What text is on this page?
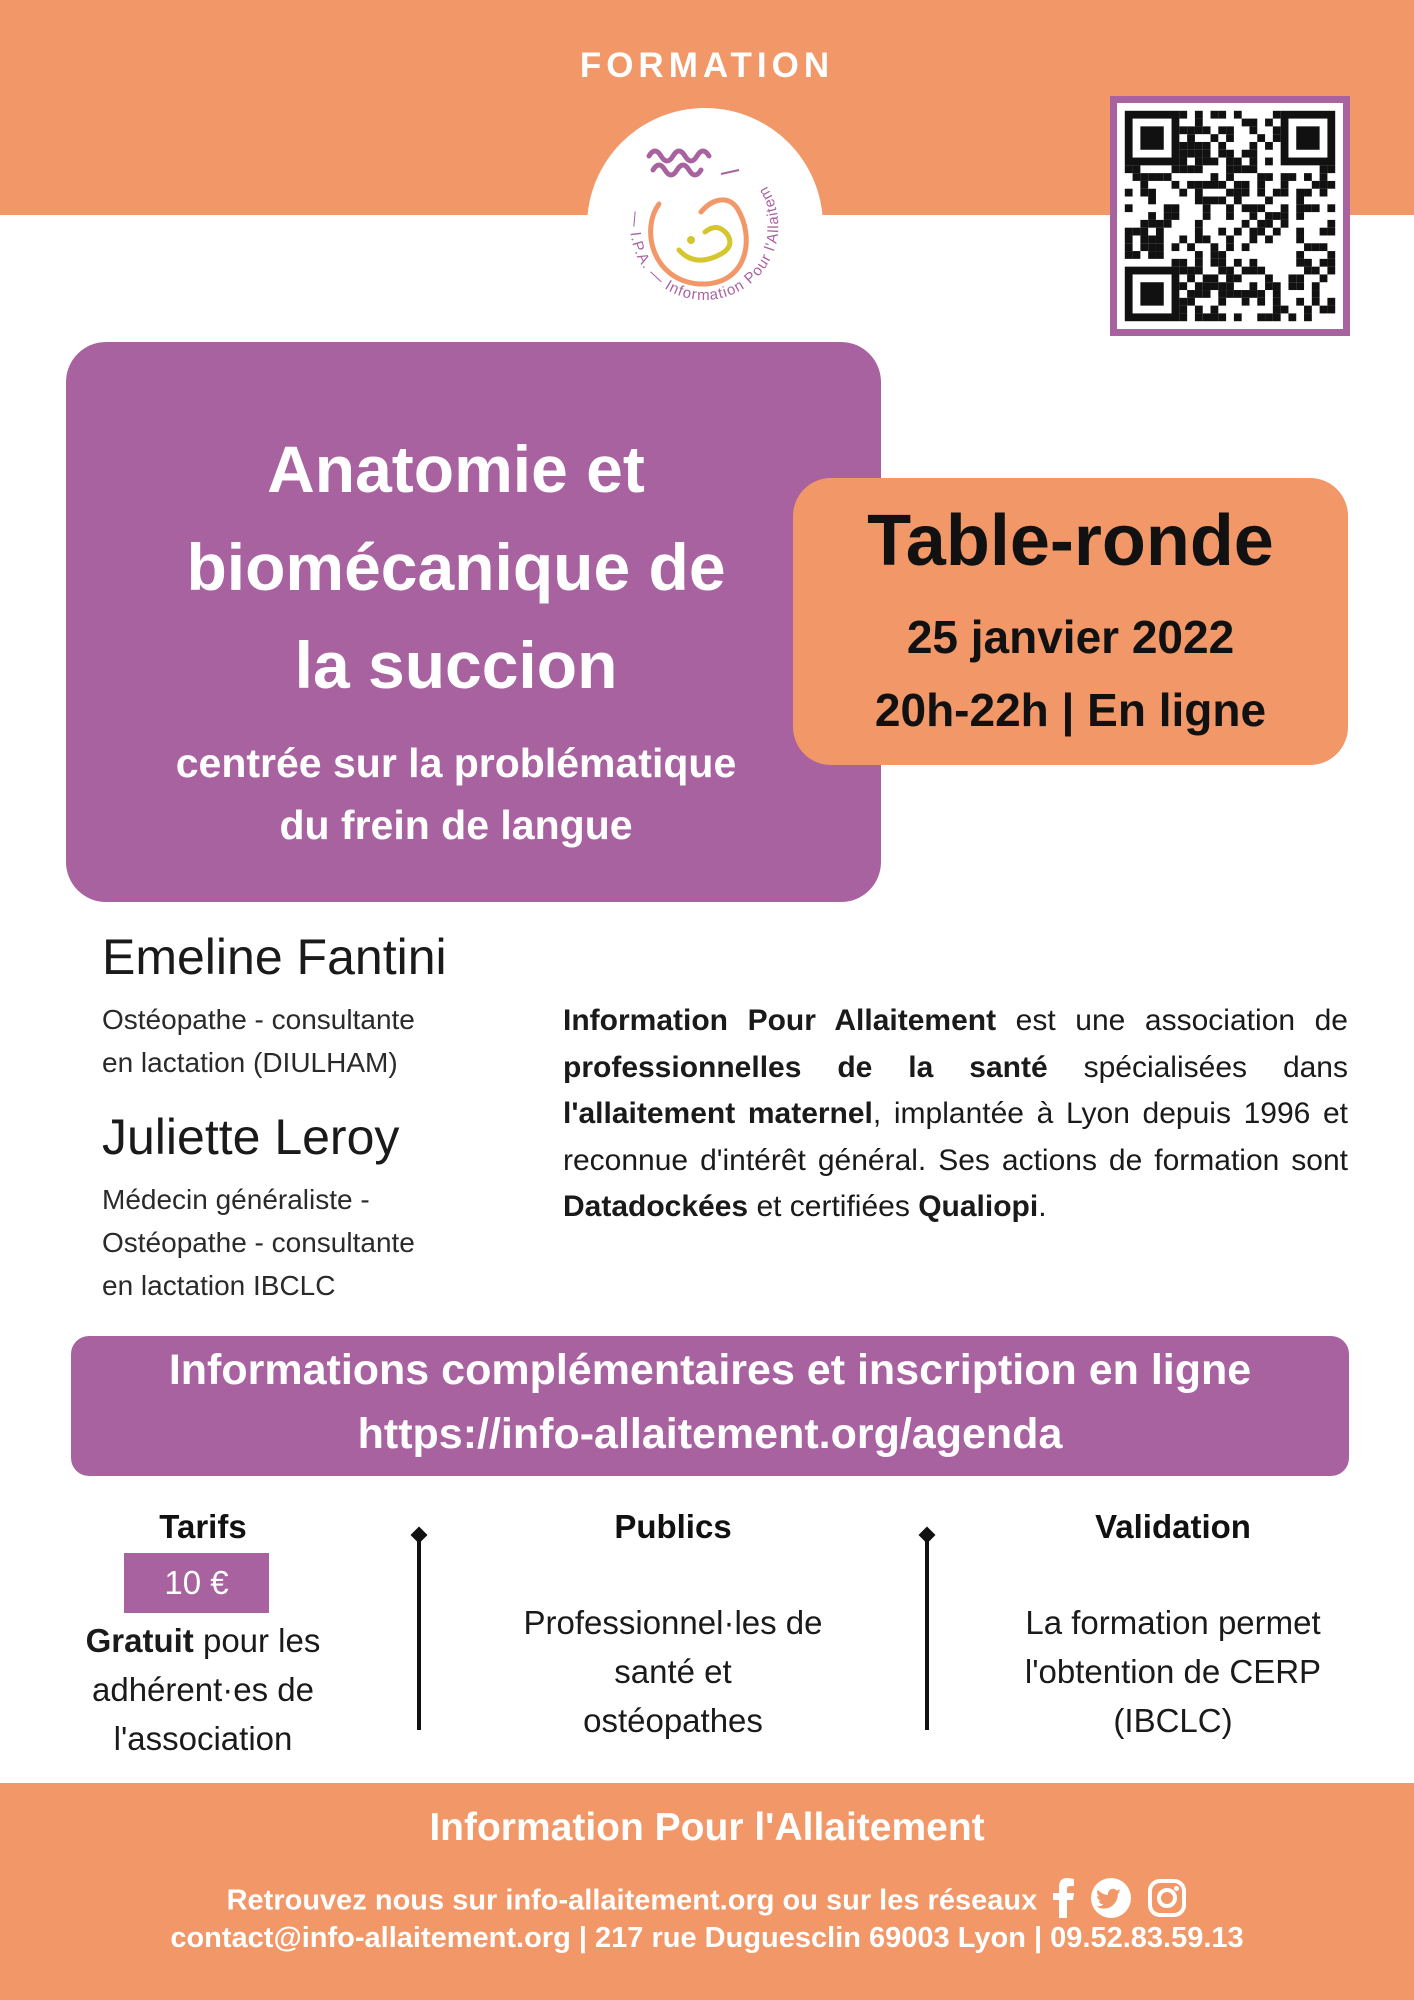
FORMATION
— I.P.A. — Information Pour l'Allaitem
Anatomie et
biomécanique de
la succion
centrée sur la problématique
du frein de langue
Table-ronde
25 janvier 2022
20h-22h | En ligne
Emeline Fantini
Ostéopathe - consultante
en lactation (DIULHAM)
Juliette Leroy
Médecin généraliste -
Ostéopathe - consultante
en lactation IBCLC
Information Pour Allaitement est une association de professionnelles de la santé spécialisées dans l'allaitement maternel, implantée à Lyon depuis 1996 et reconnue d'intérêt général. Ses actions de formation sont Datadockées et certifiées Qualiopi.
Informations complémentaires et inscription en ligne
https://info-allaitement.org/agenda
Tarifs
10 €
Gratuit pour les
adhérent·es de
l'association
Publics
Professionnel·les de
santé et
ostéopathes
Validation
La formation permet
l'obtention de CERP
(IBCLC)
Information Pour l'Allaitement
Retrouvez nous sur info-allaitement.org ou sur les réseaux
contact@info-allaitement.org | 217 rue Duguesclin 69003 Lyon | 09.52.83.59.13
